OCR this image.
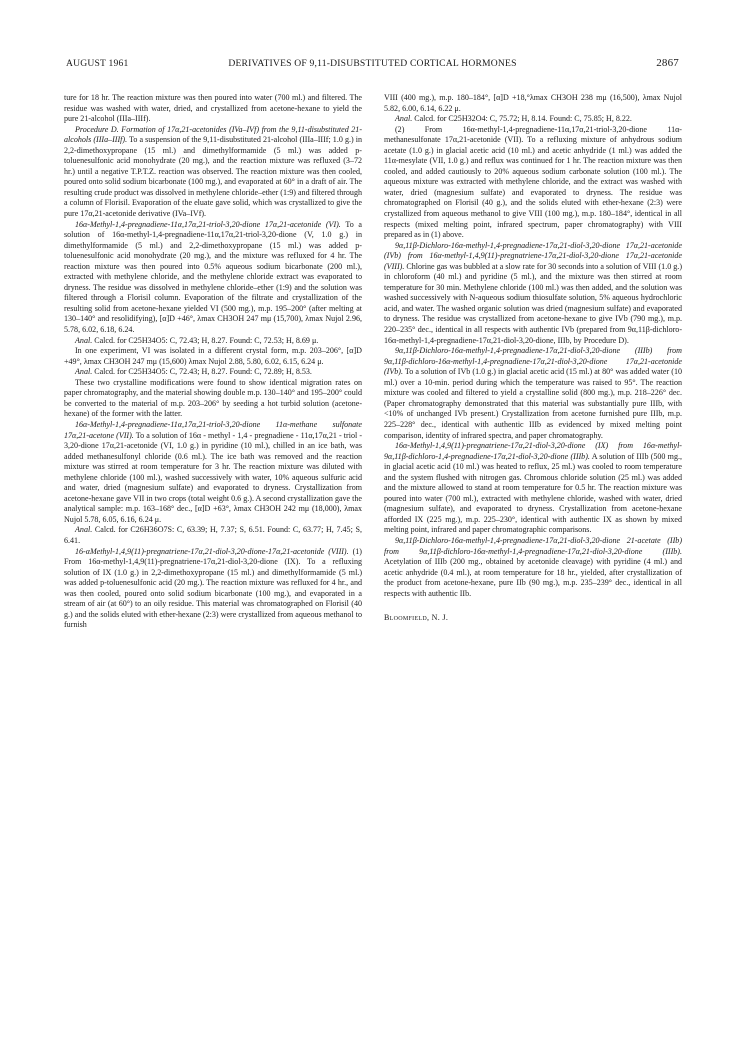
AUGUST 1961	DERIVATIVES OF 9,11-DISUBSTITUTED CORTICAL HORMONES	2867

ture for 18 hr. The reaction mixture was then poured into water (700 ml.) and filtered. The residue was washed with water, dried, and crystallized from acetone-hexane to yield the pure 21-alcohol (IIIa–IIIf).

Procedure D. Formation of 17α,21-acetonides (IVa–IVf) from the 9,11-disubstituted 21-alcohols (IIIa–IIIf). To a suspension of the 9,11-disubstituted 21-alcohol (IIIa–IIIf; 1.0 g.) in 2,2-dimethoxypropane (15 ml.) and dimethylformamide (5 ml.) was added p-toluenesulfonic acid monohydrate (20 mg.), and the reaction mixture was refluxed (3–72 hr.) until a negative T.P.T.Z. reaction was observed. The reaction mixture was then cooled, poured onto solid sodium bicarbonate (100 mg.), and evaporated at 60° in a draft of air. The resulting crude product was dissolved in methylene chloride–ether (1:9) and filtered through a column of Florisil. Evaporation of the eluate gave solid, which was crystallized to give the pure 17α,21-acetonide derivative (IVa–IVf).

16α-Methyl-1,4-pregnadiene-11α,17α,21-triol-3,20-dione 17α,21-acetonide (VI). To a solution of 16α-methyl-1,4-pregnadiene-11α,17α,21-triol-3,20-dione (V, 1.0 g.) in dimethylformamide (5 ml.) and 2,2-dimethoxypropane (15 ml.) was added p-toluenesulfonic acid monohydrate (20 mg.), and the mixture was refluxed for 4 hr. The reaction mixture was then poured into 0.5% aqueous sodium bicarbonate (200 ml.), extracted with methylene chloride, and the methylene chloride extract was evaporated to dryness. The residue was dissolved in methylene chloride–ether (1:9) and the solution was filtered through a Florisil column. Evaporation of the filtrate and crystallization of the resulting solid from acetone-hexane yielded VI (500 mg.), m.p. 195–200° (after melting at 130–140° and resolidifying), [α]D +46°, λmax CH3OH 247 mμ (15,700), λmax Nujol 2.96, 5.78, 6.02, 6.18, 6.24.

Anal. Calcd. for C25H34O5: C, 72.43; H, 8.27. Found: C, 72.53; H, 8.69 μ.

In one experiment, VI was isolated in a different crystal form, m.p. 203–206°, [α]D +49°, λmax CH3OH 247 mμ (15,600) λmax Nujol 2.88, 5.80, 6.02, 6.15, 6.24 μ.

Anal. Calcd. for C25H34O5: C, 72.43; H, 8.27. Found: C, 72.89; H, 8.53.

These two crystalline modifications were found to show identical migration rates on paper chromatography, and the material showing double m.p. 130–140° and 195–200° could be converted to the material of m.p. 203–206° by seeding a hot turbid solution (acetone-hexane) of the former with the latter.

16α-Methyl-1,4-pregnadiene-11α,17α,21-triol-3,20-dione 11α-methane sulfonate 17α,21-acetone (VII). To a solution of 16α - methyl - 1,4 - pregnadiene - 11α,17α,21 - triol - 3,20-dione 17α,21-acetonide (VI, 1.0 g.) in pyridine (10 ml.), chilled in an ice bath, was added methanesulfonyl chloride (0.6 ml.). The ice bath was removed and the reaction mixture was stirred at room temperature for 3 hr. The reaction mixture was diluted with methylene chloride (100 ml.), washed successively with water, 10% aqueous sulfuric acid and water, dried (magnesium sulfate) and evaporated to dryness. Crystallization from acetone-hexane gave VII in two crops (total weight 0.6 g.). A second crystallization gave the analytical sample: m.p. 163–168° dec., [α]D +63°, λmax CH3OH 242 mμ (18,000), λmax Nujol 5.78, 6.05, 6.16, 6.24 μ.

Anal. Calcd. for C26H36O7S: C, 63.39; H, 7.37; S, 6.51. Found: C, 63.77; H, 7.45; S, 6.41.

16-αMethyl-1,4,9(11)-pregnatriene-17α,21-diol-3,20-dione-17α,21-acetonide (VIII). (1) From 16α-methyl-1,4,9(11)-pregnatriene-17α,21-diol-3,20-dione (IX). To a refluxing solution of IX (1.0 g.) in 2,2-dimethoxypropane (15 ml.) and dimethylformamide (5 ml.) was added p-toluenesulfonic acid (20 mg.). The reaction mixture was refluxed for 4 hr., and was then cooled, poured onto solid sodium bicarbonate (100 mg.), and evaporated in a stream of air (at 60°) to an oily residue. This material was chromatographed on Florisil (40 g.) and the solids eluted with ether-hexane (2:3) were crystallized from aqueous methanol to furnish

VIII (400 mg.), m.p. 180–184°, [α]D +18,°λmax CH3OH 238 mμ (16,500), λmax Nujol 5.82, 6.00, 6.14, 6.22 μ.

Anal. Calcd. for C25H32O4: C, 75.72; H, 8.14. Found: C, 75.85; H, 8.22.

(2) From 16α-methyl-1,4-pregnadiene-11α,17α,21-triol-3,20-dione 11α-methanesulfonate 17α,21-acetonide (VII). To a refluxing mixture of anhydrous sodium acetate (1.0 g.) in glacial acetic acid (10 ml.) and acetic anhydride (1 ml.) was added the 11α-mesylate (VII, 1.0 g.) and reflux was continued for 1 hr. The reaction mixture was then cooled, and added cautiously to 20% aqueous sodium carbonate solution (100 ml.). The aqueous mixture was extracted with methylene chloride, and the extract was washed with water, dried (magnesium sulfate) and evaporated to dryness. The residue was chromatographed on Florisil (40 g.), and the solids eluted with ether-hexane (2:3) were crystallized from aqueous methanol to give VIII (100 mg.), m.p. 180–184°, identical in all respects (mixed melting point, infrared spectrum, paper chromatography) with VIII prepared as in (1) above.

9α,11β-Dichloro-16α-methyl-1,4-pregnadiene-17α,21-diol-3,20-dione 17α,21-acetonide (IVb) from 16α-methyl-1,4,9(11)-pregnatriene-17α,21-diol-3,20-dione 17α,21-acetonide (VIII). Chlorine gas was bubbled at a slow rate for 30 seconds into a solution of VIII (1.0 g.) in chloroform (40 ml.) and pyridine (5 ml.), and the mixture was then stirred at room temperature for 30 min. Methylene chloride (100 ml.) was then added, and the solution was washed successively with N-aqueous sodium thiosulfate solution, 5% aqueous hydrochloric acid, and water. The washed organic solution was dried (magnesium sulfate) and evaporated to dryness. The residue was crystallized from acetone-hexane to give IVb (790 mg.), m.p. 220–235° dec., identical in all respects with authentic IVb (prepared from 9α,11β-dichloro-16α-methyl-1,4-pregnadiene-17α,21-diol-3,20-dione, IIIb, by Procedure D).

9α,11β-Dichloro-16α-methyl-1,4-pregnadiene-17α,21-diol-3,20-dione (IIIb) from 9α,11β-dichloro-16α-methyl-1,4-pregnadiene-17α,21-diol-3,20-dione 17α,21-acetonide (IVb). To a solution of IVb (1.0 g.) in glacial acetic acid (15 ml.) at 80° was added water (10 ml.) over a 10-min. period during which the temperature was raised to 95°. The reaction mixture was cooled and filtered to yield a crystalline solid (800 mg.), m.p. 218–226° dec. (Paper chromatography demonstrated that this material was substantially pure IIIb, with <10% of unchanged IVb present.) Crystallization from acetone furnished pure IIIb, m.p. 225–228° dec., identical with authentic IIIb as evidenced by mixed melting point comparison, identity of infrared spectra, and paper chromatography.

16α-Methyl-1,4,9(11)-pregnatriene-17α,21-diol-3,20-dione (IX) from 16α-methyl-9α,11β-dichloro-1,4-pregnadiene-17α,21-diol-3,20-dione (IIIb). A solution of IIIb (500 mg., in glacial acetic acid (10 ml.) was heated to reflux, 25 ml.) was cooled to room temperature and the system flushed with nitrogen gas. Chromous chloride solution (25 ml.) was added and the mixture allowed to stand at room temperature for 0.5 hr. The reaction mixture was poured into water (700 ml.), extracted with methylene chloride, washed with water, dried (magnesium sulfate), and evaporated to dryness. Crystallization from acetone-hexane afforded IX (225 mg.), m.p. 225–230°, identical with authentic IX as shown by mixed melting point, infrared and paper chromatographic comparisons.

9α,11β-Dichloro-16α-methyl-1,4-pregnadiene-17α,21-diol-3,20-dione 21-acetate (IIb) from 9α,11β-dichloro-16α-methyl-1,4-pregnadiene-17α,21-diol-3,20-dione (IIIb). Acetylation of IIIb (200 mg., obtained by acetonide cleavage) with pyridine (4 ml.) and acetic anhydride (0.4 ml.), at room temperature for 18 hr., yielded, after crystallization of the product from acetone-hexane, pure IIb (90 mg.), m.p. 235–239° dec., identical in all respects with authentic IIb.

Bloomfield, N. J.
